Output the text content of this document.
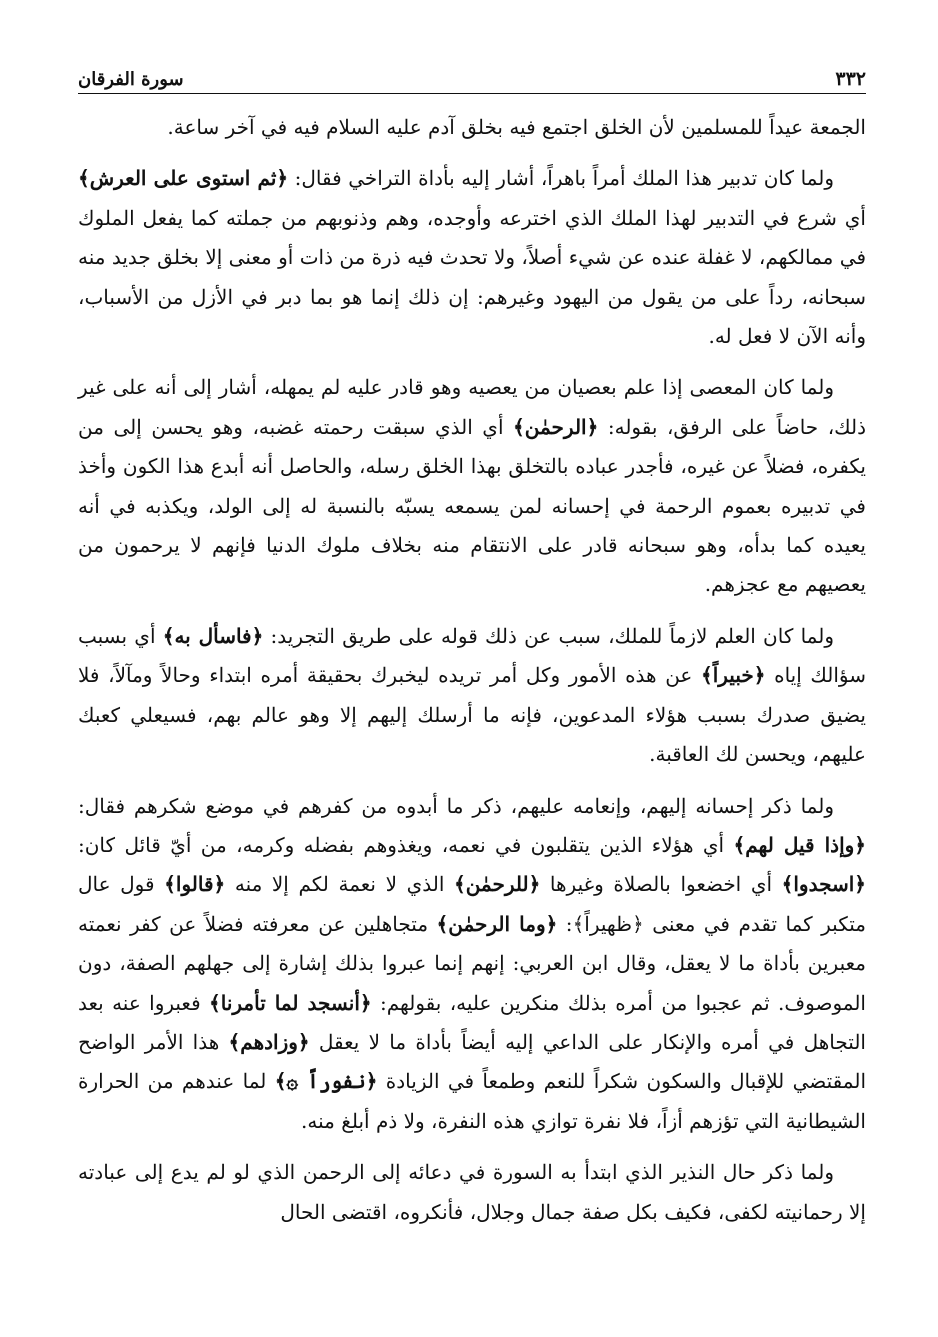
٣٣٢
سورة الفرقان

الجمعة عيداً للمسلمين لأن الخلق اجتمع فيه بخلق آدم عليه السلام فيه في آخر ساعة.

ولما كان تدبير هذا الملك أمراً باهراً، أشار إليه بأداة التراخي فقال: ﴿ثم استوى على العرش﴾ أي شرع في التدبير لهذا الملك الذي اخترعه وأوجده، وهم وذنوبهم من جملته كما يفعل الملوك في ممالكهم، لا غفلة عنده عن شيء أصلاً، ولا تحدث فيه ذرة من ذات أو معنى إلا بخلق جديد منه سبحانه، رداً على من يقول من اليهود وغيرهم: إن ذلك إنما هو بما دبر في الأزل من الأسباب، وأنه الآن لا فعل له.

ولما كان المعصى إذا علم بعصيان من يعصيه وهو قادر عليه لم يمهله، أشار إلى أنه على غير ذلك، حاضاً على الرفق، بقوله: ﴿الرحمٰن﴾ أي الذي سبقت رحمته غضبه، وهو يحسن إلى من يكفره، فضلاً عن غيره، فأجدر عباده بالتخلق بهذا الخلق رسله، والحاصل أنه أبدع هذا الكون وأخذ في تدبيره بعموم الرحمة في إحسانه لمن يسمعه يسبّه بالنسبة له إلى الولد، ويكذبه في أنه يعيده كما بدأه، وهو سبحانه قادر على الانتقام منه بخلاف ملوك الدنيا فإنهم لا يرحمون من يعصيهم مع عجزهم.

ولما كان العلم لازماً للملك، سبب عن ذلك قوله على طريق التجريد: ﴿فاسأل به﴾ أي بسبب سؤالك إياه ﴿خبيراً﴾ عن هذه الأمور وكل أمر تريده ليخبرك بحقيقة أمره ابتداء وحالاً ومآلاً، فلا يضيق صدرك بسبب هؤلاء المدعوين، فإنه ما أرسلك إليهم إلا وهو عالم بهم، فسيعلي كعبك عليهم، ويحسن لك العاقبة.

ولما ذكر إحسانه إليهم، وإنعامه عليهم، ذكر ما أبدوه من كفرهم في موضع شكرهم فقال: ﴿وإذا قيل لهم﴾ أي هؤلاء الذين يتقلبون في نعمه، ويغذوهم بفضله وكرمه، من أيّ قائل كان: ﴿اسجدوا﴾ أي اخضعوا بالصلاة وغيرها ﴿للرحمٰن﴾ الذي لا نعمة لكم إلا منه ﴿قالوا﴾ قول عال متكبر كما تقدم في معنى ﴿ظهيراً﴾: ﴿وما الرحمٰن﴾ متجاهلين عن معرفته فضلاً عن كفر نعمته معبرين بأداة ما لا يعقل، وقال ابن العربي: إنهم إنما عبروا بذلك إشارة إلى جهلهم الصفة، دون الموصوف. ثم عجبوا من أمره بذلك منكرين عليه، بقولهم: ﴿أنسجد لما تأمرنا﴾ فعبروا عنه بعد التجاهل في أمره والإنكار على الداعي إليه أيضاً بأداة ما لا يعقل ﴿وزادهم﴾ هذا الأمر الواضح المقتضي للإقبال والسكون شكراً للنعم وطمعاً في الزيادة ﴿نفوراً ۞﴾ لما عندهم من الحرارة الشيطانية التي تؤزهم أزاً، فلا نفرة توازي هذه النفرة، ولا ذم أبلغ منه.

ولما ذكر حال النذير الذي ابتدأ به السورة في دعائه إلى الرحمن الذي لو لم يدع إلى عبادته إلا رحمانيته لكفى، فكيف بكل صفة جمال وجلال، فأنكروه، اقتضى الحال
